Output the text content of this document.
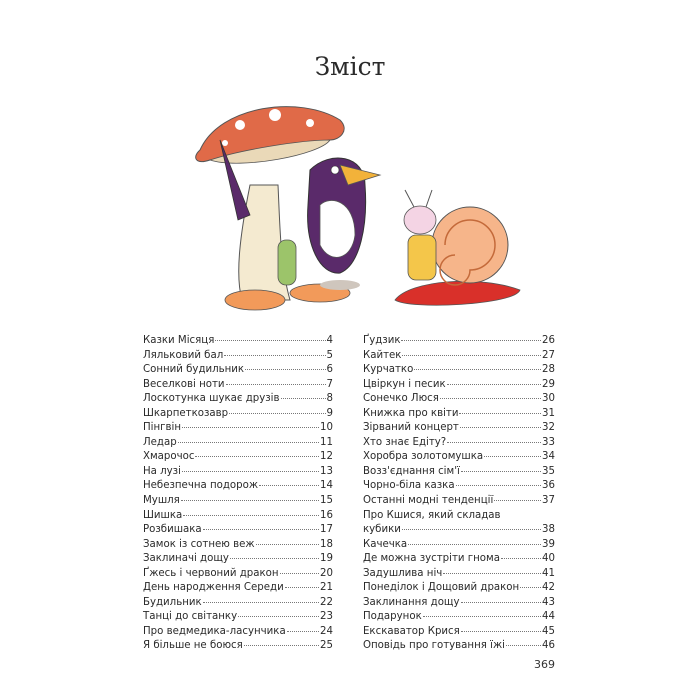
Зміст
Казки Місяця	4
Ляльковий бал	5
Сонний будильник	6
Веселкові ноти	7
Лоскотунка шукає друзів	8
Шкарпеткозавр	9
Пінгвін	10
Ледар	11
Хмарочос	12
На лузі	13
Небезпечна подорож	14
Мушля	15
Шишка	16
Розбишака	17
Замок із сотнею веж	18
Заклиначі дощу	19
Ґжесь і червоний дракон	20
День народження Середи	21
Будильник	22
Танці до світанку	23
Про ведмедика-ласунчика	24
Я більше не боюся	25
Ґудзик	26
Кайтек	27
Курчатко	28
Цвіркун і песик	29
Сонечко Люся	30
Книжка про квіти	31
Зірваний концерт	32
Хто знає Едіту?	33
Хоробра золотомушка	34
Возз'єднання сім'ї	35
Чорно-біла казка	36
Останні модні тенденції	37
Про Кшися, який складав
кубики	38
Качечка	39
Де можна зустріти гнома	40
Задушлива ніч	41
Понеділок і Дощовий дракон 42
Заклинання дощу	43
Подарунок	44
Екскаватор Крися	45
Оповідь про готування їжі	46
369
